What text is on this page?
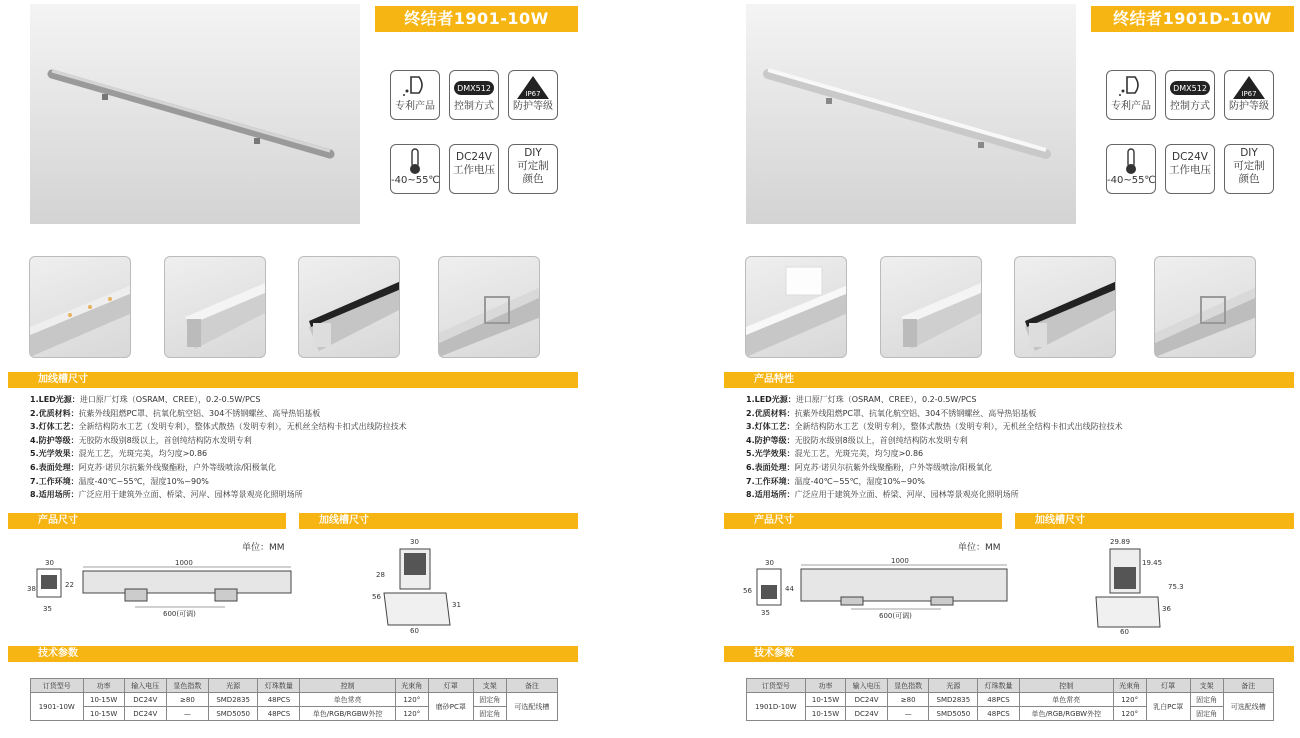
终结者1901-10W
专利产品
DMX512
控制方式
IP67
防护等级
-40~55℃
DC24V
工作电压
DIY
可定制
颜色
加线槽尺寸
1.LED光源：进口原厂灯珠（OSRAM、CREE），0.2-0.5W/PCS
2.优质材料：抗紫外线阻燃PC罩、抗氧化航空铝、304不锈钢螺丝、高导热铝基板
3.灯体工艺：全新结构防水工艺（发明专利），整体式散热（发明专利），无机丝全结构卡扣式出线防拉技术
4.防护等级：无胶防水级别8级以上，首创纯结构防水发明专利
5.光学效果：混光工艺，光斑完美，均匀度>0.86
6.表面处理：阿克苏·诺贝尔抗紫外线聚酯粉，户外等级喷涂/阳极氧化
7.工作环境：温度-40℃~55℃，湿度10%~90%
8.适用场所：广泛应用于建筑外立面、桥梁、河岸、园林等景观亮化照明场所
产品尺寸	加线槽尺寸
单位：MM
30
38	22
35
1000
600(可调)
30
28
56
31
60
技术参数
订货型号	功率	输入电压	显色指数	光源	灯珠数量	控制	光束角	灯罩	支架	备注
1901-10W	10-15W	DC24V	≥80	SMD2835	48PCS	单色常亮	120°	磨砂PC罩	固定角	可选配线槽
	10-15W	DC24V	—	SMD5050	48PCS	单色/RGB/RGBW外控	120°		固定角	
终结者1901D-10W
专利产品
DMX512
控制方式
IP67
防护等级
-40~55℃
DC24V
工作电压
DIY
可定制
颜色
产品特性
1.LED光源：进口原厂灯珠（OSRAM、CREE），0.2-0.5W/PCS
2.优质材料：抗紫外线阻燃PC罩、抗氧化航空铝、304不锈钢螺丝、高导热铝基板
3.灯体工艺：全新结构防水工艺（发明专利），整体式散热（发明专利），无机丝全结构卡扣式出线防拉技术
4.防护等级：无胶防水级别8级以上，首创纯结构防水发明专利
5.光学效果：混光工艺，光斑完美，均匀度>0.86
6.表面处理：阿克苏·诺贝尔抗紫外线聚酯粉，户外等级喷涂/阳极氧化
7.工作环境：温度-40℃~55℃，湿度10%~90%
8.适用场所：广泛应用于建筑外立面、桥梁、河岸、园林等景观亮化照明场所
产品尺寸	加线槽尺寸
单位：MM
30
56	44
35
1000
600(可调)
29.89
19.45
75.3
36
60
技术参数
订货型号	功率	输入电压	显色指数	光源	灯珠数量	控制	光束角	灯罩	支架	备注
1901D-10W	10-15W	DC24V	≥80	SMD2835	48PCS	单色常亮	120°	乳白PC罩	固定角	可选配线槽
	10-15W	DC24V	—	SMD5050	48PCS	单色/RGB/RGBW外控	120°		固定角	
